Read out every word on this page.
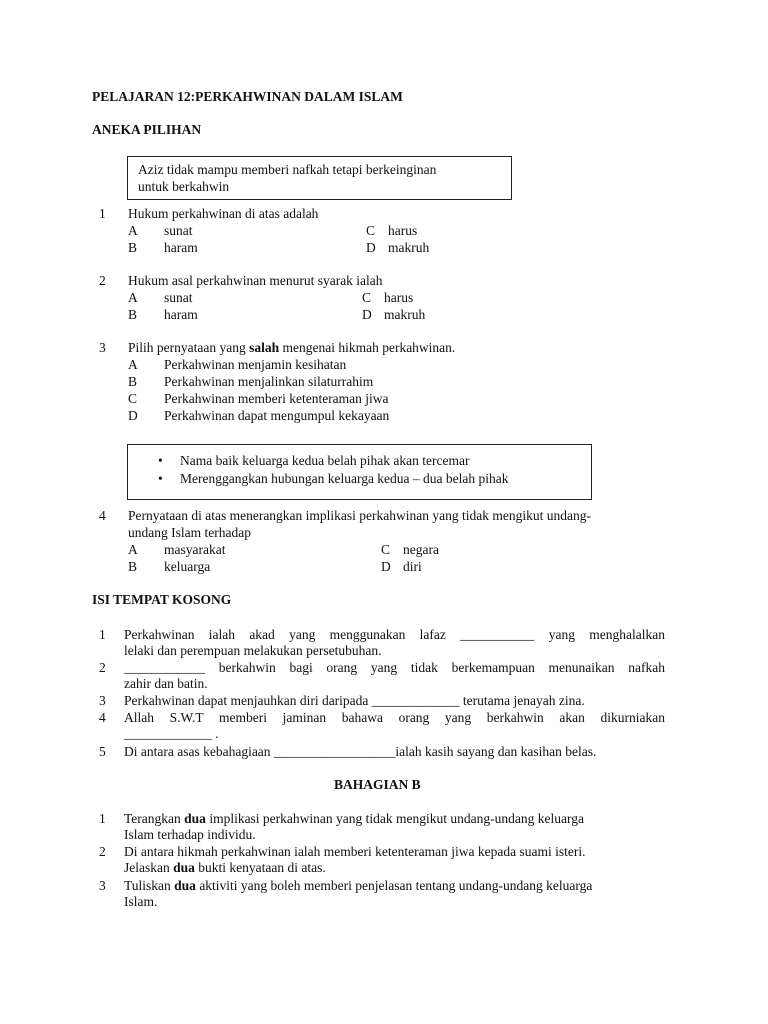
PELAJARAN 12:PERKAHWINAN DALAM ISLAM
ANEKA PILIHAN
Aziz tidak mampu memberi nafkah tetapi berkeinginan
untuk berkahwin
1 Hukum perkahwinan di atas adalah
A sunat	C harus
B haram	D makruh
2 Hukum asal perkahwinan menurut syarak ialah
A sunat	C harus
B haram	D makruh
3 Pilih pernyataan yang salah mengenai hikmah perkahwinan.
A Perkahwinan menjamin kesihatan
B Perkahwinan menjalinkan silaturrahim
C Perkahwinan memberi ketenteraman jiwa
D Perkahwinan dapat mengumpul kekayaan
• Nama baik keluarga kedua belah pihak akan tercemar
• Merenggangkan hubungan keluarga kedua – dua belah pihak
4 Pernyataan di atas menerangkan implikasi perkahwinan yang tidak mengikut undang-
undang Islam terhadap
A masyarakat	C negara
B keluarga	D diri
ISI TEMPAT KOSONG
1 Perkahwinan ialah akad yang menggunakan lafaz ___________ yang menghalalkan
lelaki dan perempuan melakukan persetubuhan.
2 ____________ berkahwin bagi orang yang tidak berkemampuan menunaikan nafkah
zahir dan batin.
3 Perkahwinan dapat menjauhkan diri daripada _____________ terutama jenayah zina.
4 Allah S.W.T memberi jaminan bahawa orang yang berkahwin akan dikurniakan
_____________ .
5 Di antara asas kebahagiaan __________________ialah kasih sayang dan kasihan belas.
BAHAGIAN B
1 Terangkan dua implikasi perkahwinan yang tidak mengikut undang-undang keluarga
Islam terhadap individu.
2 Di antara hikmah perkahwinan ialah memberi ketenteraman jiwa kepada suami isteri.
Jelaskan dua bukti kenyataan di atas.
3 Tuliskan dua aktiviti yang boleh memberi penjelasan tentang undang-undang keluarga
Islam.
